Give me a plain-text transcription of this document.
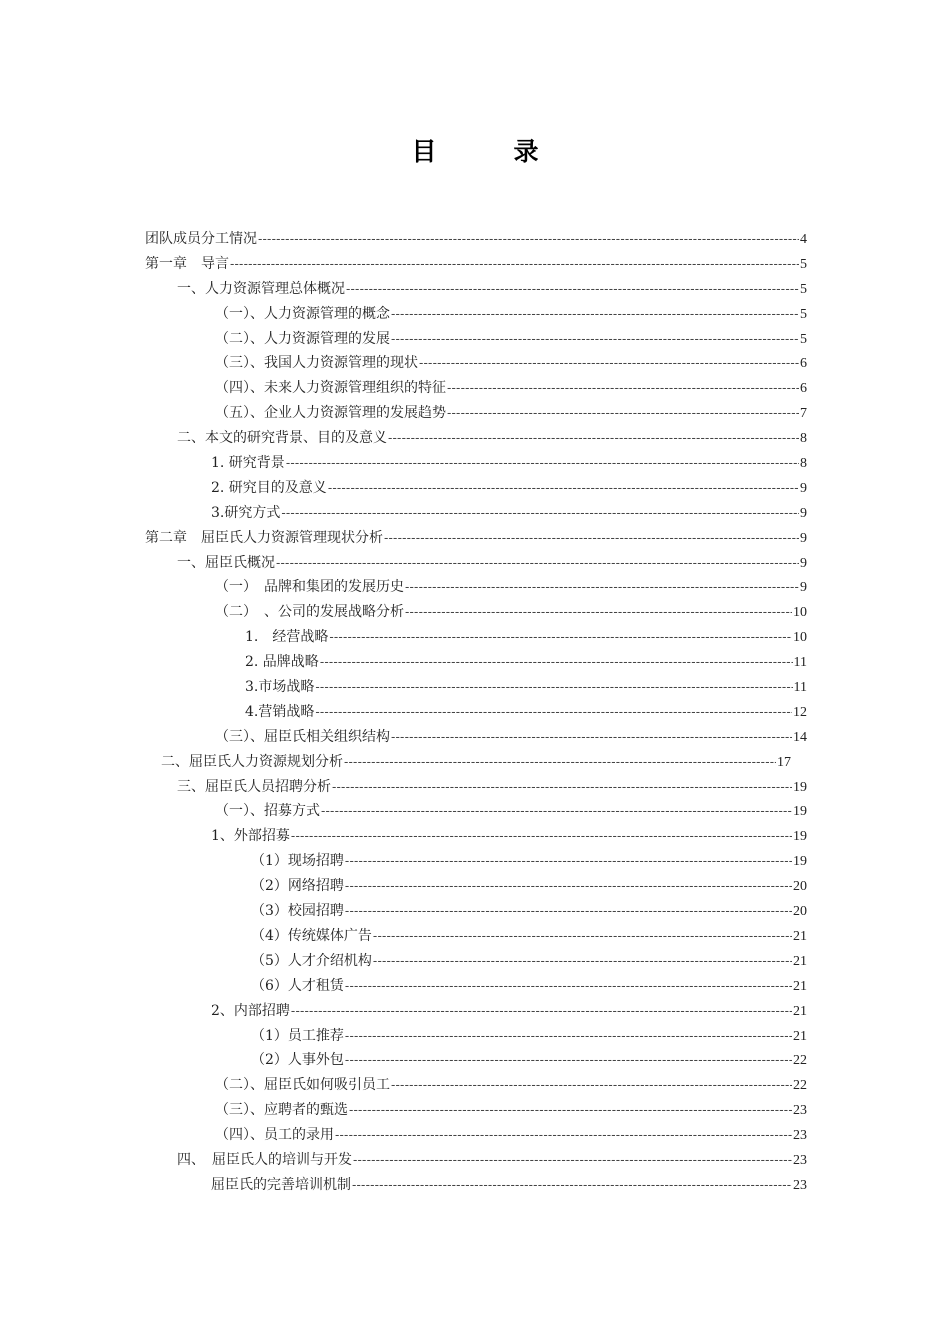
目　录
团队成员分工情况 -----	4
第一章　导言 -----	5
一、人力资源管理总体概况 -----	5
（一）、人力资源管理的概念 -----	5
（二）、人力资源管理的发展 -----	5
（三）、我国人力资源管理的现状 -----	6
（四）、未来人力资源管理组织的特征 -----	6
（五）、企业人力资源管理的发展趋势 -----	7
二、本文的研究背景、目的及意义 -----	8
1. 研究背景 -----	8
2. 研究目的及意义 -----	9
3.研究方式 -----	9
第二章　屈臣氏人力资源管理现状分析 -----	9
一、屈臣氏概况 -----	9
（一）　品牌和集团的发展历史 -----	9
（二）　、公司的发展战略分析 -----	10
1.　经营战略 -----	10
2. 品牌战略 -----	11
3.市场战略 -----	11
4.营销战略 -----	12
（三）、屈臣氏相关组织结构 -----	14
二、屈臣氏人力资源规划分析 -----	17
三、屈臣氏人员招聘分析 -----	19
（一）、招募方式 -----	19
1、外部招募 -----	19
（1）现场招聘 -----	19
（2）网络招聘 -----	20
（3）校园招聘 -----	20
（4）传统媒体广告 -----	21
（5）人才介绍机构 -----	21
（6）人才租赁 -----	21
2、内部招聘 -----	21
（1）员工推荐 -----	21
（2）人事外包 -----	22
（二）、屈臣氏如何吸引员工 -----	22
（三）、应聘者的甄选 -----	23
（四）、员工的录用 -----	23
四、　屈臣氏人的培训与开发 -----	23
屈臣氏的完善培训机制 -----	23
